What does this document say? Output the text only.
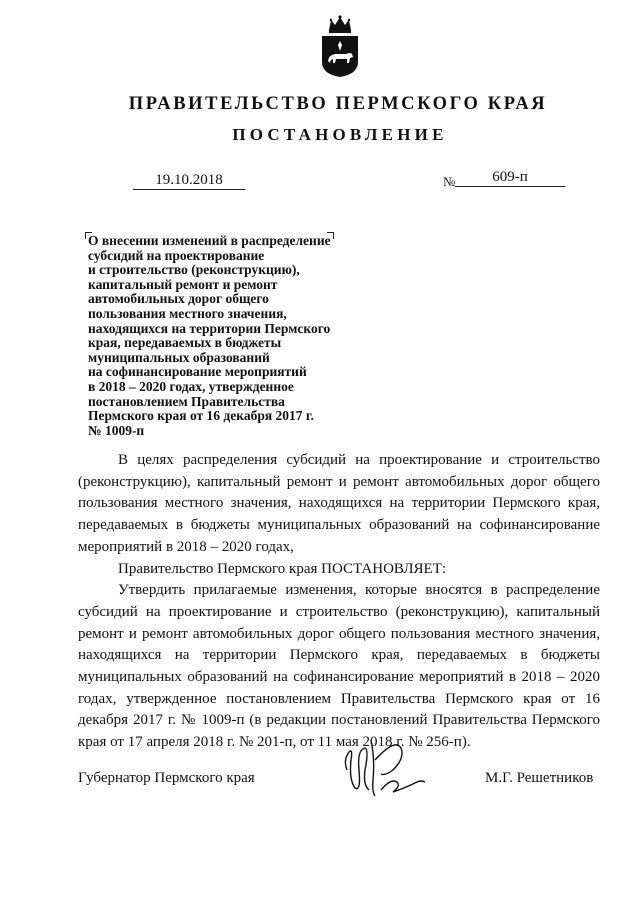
ПРАВИТЕЛЬСТВО ПЕРМСКОГО КРАЯ
ПОСТАНОВЛЕНИЕ
19.10.2018	№	609-п
О внесении изменений в распределение
субсидий на проектирование
и строительство (реконструкцию),
капитальный ремонт и ремонт
автомобильных дорог общего
пользования местного значения,
находящихся на территории Пермского
края, передаваемых в бюджеты
муниципальных образований
на софинансирование мероприятий
в 2018 – 2020 годах, утвержденное
постановлением Правительства
Пермского края от 16 декабря 2017 г.
№ 1009-п

В целях распределения субсидий на проектирование и строительство (реконструкцию), капитальный ремонт и ремонт автомобильных дорог общего пользования местного значения, находящихся на территории Пермского края, передаваемых в бюджеты муниципальных образований на софинансирование мероприятий в 2018 – 2020 годах,

Правительство Пермского края ПОСТАНОВЛЯЕТ:

Утвердить прилагаемые изменения, которые вносятся в распределение субсидий на проектирование и строительство (реконструкцию), капитальный ремонт и ремонт автомобильных дорог общего пользования местного значения, находящихся на территории Пермского края, передаваемых в бюджеты муниципальных образований на софинансирование мероприятий в 2018 – 2020 годах, утвержденное постановлением Правительства Пермского края от 16 декабря 2017 г. № 1009-п (в редакции постановлений Правительства Пермского края от 17 апреля 2018 г. № 201-п, от 11 мая 2018 г. № 256-п).

Губернатор Пермского края	М.Г. Решетников
